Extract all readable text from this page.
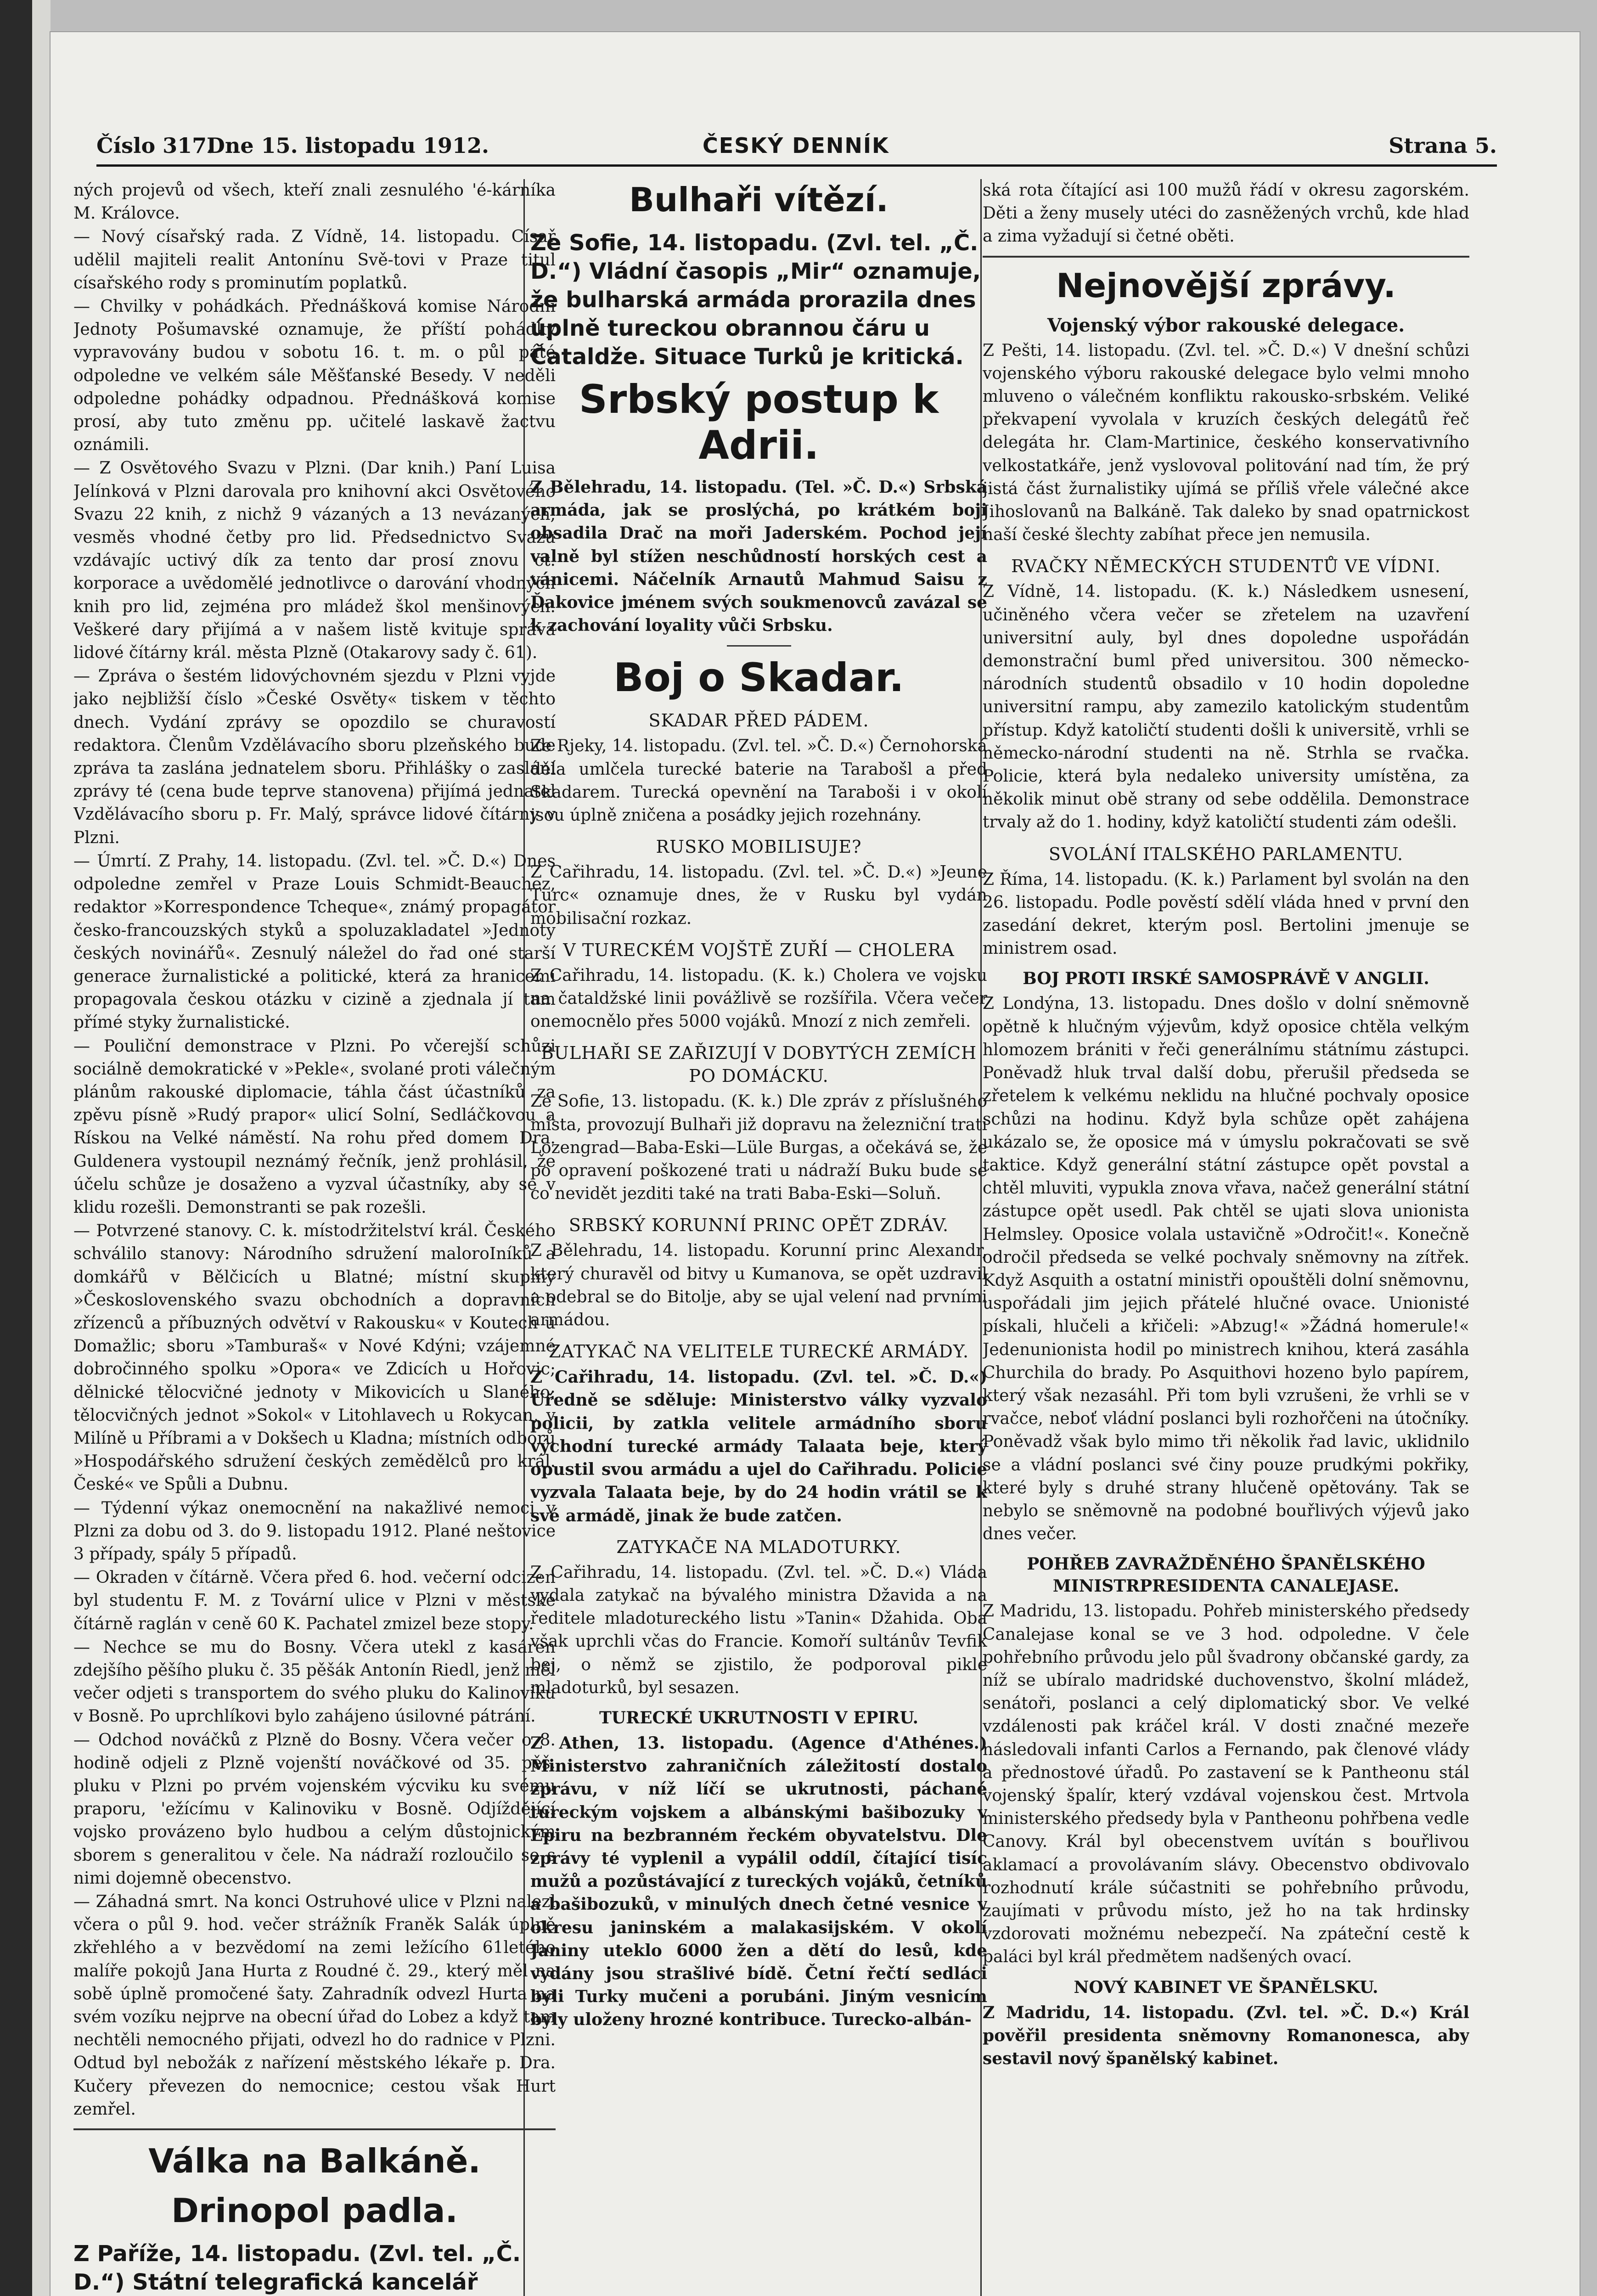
Číslo 317.
Dne 15. listopadu 1912.	ČESKÝ DENNÍK	Strana 5.

ných projevů od všech, kteří znali zesnulého 'é-kárníka M. Královce.

— Nový císařský rada. Z Vídně, 14. listopadu. Císař udělil majiteli realit Antonínu Svě-tovi v Praze titul císařského rody s prominutím poplatků.

— Chvilky v pohádkách. Přednášková komise Národní Jednoty Pošumavské oznamuje, že příští pohádky vypravovány budou v sobotu 16. t. m. o půl páté odpoledne ve velkém sále Měšťanské Besedy. V neděli odpoledne pohádky odpadnou. Přednášková komise prosí, aby tuto změnu pp. učitelé laskavě žactvu oznámili.

— Z Osvětového Svazu v Plzni. (Dar knih.) Paní Luisa Jelínková v Plzni darovala pro knihovní akci Osvětového Svazu 22 knih, z nichž 9 vázaných a 13 nevázaných, vesměs vhodné četby pro lid. Předsednictvo Svazu vzdávajíc uctivý dík za tento dar prosí znovu ct. korporace a uvědomělé jednotlivce o darování vhodných knih pro lid, zejména pro mládež škol menšinových. Veškeré dary přijímá a v našem listě kvituje správa lidové čítárny král. města Plzně (Otakarovy sady č. 61).

— Zpráva o šestém lidovýchovném sjezdu v Plzni vyjde jako nejbližší číslo »České Osvěty« tiskem v těchto dnech. Vydání zprávy se opozdilo se churavostí redaktora. Členům Vzdělávacího sboru plzeňského bude zpráva ta zaslána jednatelem sboru. Přihlášky o zaslání zprávy té (cena bude teprve stanovena) přijímá jednatel Vzdělávacího sboru p. Fr. Malý, správce lidové čítárny v Plzni.

— Úmrtí. Z Prahy, 14. listopadu. (Zvl. tel. »Č. D.«) Dnes odpoledne zemřel v Praze Louis Schmidt-Beauchez, redaktor »Korrespondence Tcheque«, známý propagátor česko-francouzských styků a spoluzakladatel »Jednoty českých novinářů«. Zesnulý náležel do řad oné starší generace žurnalistické a politické, která za hranicemi propagovala českou otázku v cizině a zjednala jí tam přímé styky žurnalistické.

— Pouliční demonstrace v Plzni. Po včerejší schůzi sociálně demokratické v »Pekle«, svolané proti válečným plánům rakouské diplomacie, táhla část účastníků za zpěvu písně »Rudý prapor« ulicí Solní, Sedláčkovou a Rískou na Velké náměstí. Na rohu před domem Dra. Guldenera vystoupil neznámý řečník, jenž prohlásil, že účelu schůze je dosaženo a vyzval účastníky, aby se v klidu rozešli. Demonstranti se pak rozešli.

— Potvrzené stanovy. C. k. místodržitelství král. Českého schválilo stanovy: Národního sdružení maloroIníků a domkářů v Bělčicích u Blatné; místní skupiny »Československého svazu obchodních a dopravních zřízenců a příbuzných odvětví v Rakousku« v Koutech u Domažlic; sboru »Tamburaš« v Nové Kdýni; vzájemné dobročinného spolku »Opora« ve Zdicích u Hořovic; dělnické tělocvičné jednoty v Mikovicích u Slaného; tělocvičných jednot »Sokol« v Litohlavech u Rokycan, v Milíně u Příbrami a v Dokšech u Kladna; místních odborů »Hospodářského sdružení českých zemědělců pro král. České« ve Spůli a Dubnu.

— Týdenní výkaz onemocnění na nakažlivé nemoci v Plzni za dobu od 3. do 9. listopadu 1912. Plané neštovice 3 případy, spály 5 případů.

— Okraden v čítárně. Včera před 6. hod. večerní odcizen byl studentu F. M. z Tovární ulice v Plzni v městské čítárně raglán v ceně 60 K. Pachatel zmizel beze stopy.

— Nechce se mu do Bosny. Včera utekl z kasáren zdejšího pěšího pluku č. 35 pěšák Antonín Riedl, jenž měl večer odjeti s transportem do svého pluku do Kalinoviku v Bosně. Po uprchlíkovi bylo zahájeno úsilovné pátrání.

— Odchod nováčků z Plzně do Bosny. Včera večer o 8. hodině odjeli z Plzně vojenští nováčkové od 35. pěš. pluku v Plzni po prvém vojenském výcviku ku svému praporu, 'ežícímu v Kalinoviku v Bosně. Odjíždějící vojsko provázeno bylo hudbou a celým důstojnickým sborem s generalitou v čele. Na nádraží rozloučilo se s nimi dojemně obecenstvo.

— Záhadná smrt. Na konci Ostruhové ulice v Plzni nalezl včera o půl 9. hod. večer strážník Franěk Salák úplně zkřehlého a v bezvědomí na zemi ležícího 61letého malíře pokojů Jana Hurta z Roudné č. 29., který měl na sobě úplně promočené šaty. Zahradník odvezl Hurta na svém vozíku nejprve na obecní úřad do Lobez a když tam nechtěli nemocného přijati, odvezl ho do radnice v Plzni. Odtud byl nebožák z nařízení městského lékaře p. Dra. Kučery převezen do nemocnice; cestou však Hurt zemřel.

Válka na Balkáně.
Drinopol padla.

Z Paříže, 14. listopadu. (Zvl. tel. „Č. D.“) Státní telegrafická kancelář

Bulhaři vítězí.

Ze Sofie, 14. listopadu. (Zvl. tel. „Č. D.“) Vládní časopis „Mir“ oznamuje, že bulharská armáda prorazila dnes úplně tureckou obrannou čáru u Čataldže. Situace Turků je kritická.

Srbský postup k Adrii.

Z Bělehradu, 14. listopadu. (Tel. »Č. D.«) Srbská armáda, jak se proslýchá, po krátkém boji obsadila Drač na moři Jaderském. Pochod její valně byl stížen neschůdností horských cest a vánicemi. Náčelník Arnautů Mahmud Saisu z Ďakovice jménem svých soukmenovců zavázal se k zachování loyality vůči Srbsku.

Boj o Skadar.
SKADAR PŘED PÁDEM.

Ze Rjeky, 14. listopadu. (Zvl. tel. »Č. D.«) Černohorská děla umlčela turecké baterie na Tarabošl a před Skadarem. Turecká opevnění na Taraboši i v okolí jsou úplně zničena a posádky jejich rozehnány.

RUSKO MOBILISUJE?

Z Cařihradu, 14. listopadu. (Zvl. tel. »Č. D.«) »Jeune Turc« oznamuje dnes, že v Rusku byl vydán mobilisační rozkaz.

V TURECKÉM VOJŠTĚ ZUŘÍ — CHOLERA

Z Cařihradu, 14. listopadu. (K. k.) Cholera ve vojsku na čataldžské linii povážlivě se rozšířila. Včera večer onemocnělo přes 5000 vojáků. Mnozí z nich zemřeli.

BULHAŘI SE ZAŘIZUJÍ V DOBYTÝCH ZEMÍCH PO DOMÁCKU.

Ze Sofie, 13. listopadu. (K. k.) Dle zpráv z příslušného místa, provozují Bulhaři již dopravu na železniční trati Lozengrad—Baba-Eski—Lüle Burgas, a očekává se, že po opravení poškozené trati u nádraží Buku bude se co nevidět jezditi také na trati Baba-Eski—Soluň.

SRBSKÝ KORUNNÍ PRINC OPĚT ZDRÁV.

Z Bělehradu, 14. listopadu. Korunní princ Alexandr, který churavěl od bitvy u Kumanova, se opět uzdravil a odebral se do Bitolje, aby se ujal velení nad prvními armádou.

ZATYKAČ NA VELITELE TURECKÉ ARMÁDY.

Z Cařihradu, 14. listopadu. (Zvl. tel. »Č. D.«) Úředně se sděluje: Ministerstvo války vyzvalo policii, by zatkla velitele armádního sboru východní turecké armády Talaata beje, který opustil svou armádu a ujel do Cařihradu. Policie vyzvala Talaata beje, by do 24 hodin vrátil se k své armádě, jinak že bude zatčen.

ZATYKAČE NA MLADOTURKY.

Z Cařihradu, 14. listopadu. (Zvl. tel. »Č. D.«) Vláda vydala zatykač na bývalého ministra Džavida a na ředitele mladotureckého listu »Tanin« Džahida. Oba však uprchli včas do Francie. Komoří sultánův Tevfik bej, o němž se zjistilo, že podporoval pikle mladoturků, byl sesazen.

TURECKÉ UKRUTNOSTI V EPIRU.

Z Athen, 13. listopadu. (Agence d'Athénes.) Ministerstvo zahraničních záležitostí dostalo zprávu, v níž líčí se ukrutnosti, páchané tureckým vojskem a albánskými bašibozuky v Epiru na bezbranném řeckém obyvatelstvu. Dle zprávy té vyplenil a vypálil oddíl, čítající tisíc mužů a pozůstávající z tureckých vojáků, četníků a bašibozuků, v minulých dnech četné vesnice v okresu janinském a malakasijském. V okolí Janiny uteklo 6000 žen a dětí do lesů, kde vydány jsou strašlivé bídě. Četní řečtí sedláci byli Turky mučeni a porubáni. Jiným vesnicím byly uloženy hrozné kontribuce. Turecko-albán-

ská rota čítající asi 100 mužů řádí v okresu zagorském. Děti a ženy musely utéci do zasněžených vrchů, kde hlad a zima vyžadují si četné oběti.

Nejnovější zprávy.
Vojenský výbor rakouské delegace.

Z Pešti, 14. listopadu. (Zvl. tel. »Č. D.«) V dnešní schůzi vojenského výboru rakouské delegace bylo velmi mnoho mluveno o válečném konfliktu rakousko-srbském. Veliké překvapení vyvolala v kruzích českých delegátů řeč delegáta hr. Clam-Martinice, českého konservativního velkostatkáře, jenž vyslovoval politování nad tím, že prý jistá část žurnalistiky ujímá se příliš vřele válečné akce Jihoslovanů na Balkáně. Tak daleko by snad opatrnickost naší české šlechty zabíhat přece jen nemusila.

RVAČKY NĚMECKÝCH STUDENTŮ VE VÍDNI.

Z Vídně, 14. listopadu. (K. k.) Následkem usnesení, učiněného včera večer se zřetelem na uzavření universitní auly, byl dnes dopoledne uspořádán demonstrační buml před universitou. 300 německo-národních studentů obsadilo v 10 hodin dopoledne universitní rampu, aby zamezilo katolickým studentům přístup. Když katoličtí studenti došli k universitě, vrhli se německo-národní studenti na ně. Strhla se rvačka. Policie, která byla nedaleko university umístěna, za několik minut obě strany od sebe oddělila. Demonstrace trvaly až do 1. hodiny, když katoličtí studenti zám odešli.

SVOLÁNÍ ITALSKÉHO PARLAMENTU.

Z Říma, 14. listopadu. (K. k.) Parlament byl svolán na den 26. listopadu. Podle pověstí sdělí vláda hned v první den zasedání dekret, kterým posl. Bertolini jmenuje se ministrem osad.

BOJ PROTI IRSKÉ SAMOSPRÁVĚ V ANGLII.

Z Londýna, 13. listopadu. Dnes došlo v dolní sněmovně opětně k hlučným výjevům, když oposice chtěla velkým hlomozem brániti v řeči generálnímu státnímu zástupci. Poněvadž hluk trval další dobu, přerušil předseda se zřetelem k velkému neklidu na hlučné pochvaly oposice schůzi na hodinu. Když byla schůze opět zahájena ukázalo se, že oposice má v úmyslu pokračovati se svě taktice. Když generální státní zástupce opět povstal a chtěl mluviti, vypukla znova vřava, načež generální státní zástupce opět usedl. Pak chtěl se ujati slova unionista Helmsley. Oposice volala ustavičně »Odročit!«. Konečně odročil předseda se velké pochvaly sněmovny na zítřek. Když Asquith a ostatní ministři opouštěli dolní sněmovnu, uspořádali jim jejich přátelé hlučné ovace. Unionisté pískali, hlučeli a křičeli: »Abzug!« »Žádná homerule!« Jedenunionista hodil po ministrech knihou, která zasáhla Churchila do brady. Po Asquithovi hozeno bylo papírem, který však nezasáhl. Při tom byli vzrušeni, že vrhli se v rvačce, neboť vládní poslanci byli rozhořčeni na útočníky. Poněvadž však bylo mimo tři několik řad lavic, uklidnilo se a vládní poslanci své činy pouze prudkými pokřiky, které byly s druhé strany hlučeně opětovány. Tak se nebylo se sněmovně na podobné bouřlivých výjevů jako dnes večer.

POHŘEB ZAVRAŽDĚNÉHO ŠPANĚLSKÉHO MINISTRPRESIDENTA CANALEJASE.

Z Madridu, 13. listopadu. Pohřeb ministerského předsedy Canalejase konal se ve 3 hod. odpoledne. V čele pohřebního průvodu jelo půl švadrony občanské gardy, za níž se ubíralo madridské duchovenstvo, školní mládež, senátoři, poslanci a celý diplomatický sbor. Ve velké vzdálenosti pak kráčel král. V dosti značné mezeře následovali infanti Carlos a Fernando, pak členové vlády a přednostové úřadů. Po zastavení se k Pantheonu stál vojenský špalír, který vzdával vojenskou čest. Mrtvola ministerského předsedy byla v Pantheonu pohřbena vedle Canovy. Král byl obecenstvem uvítán s bouřlivou aklamací a provolávaním slávy. Obecenstvo obdivovalo rozhodnutí krále súčastniti se pohřebního průvodu, zaujímati v průvodu místo, jež ho na tak hrdinsky vzdorovati možnému nebezpečí. Na zpáteční cestě k paláci byl král předmětem nadšených ovací.

NOVÝ KABINET VE ŠPANĚLSKU.

Z Madridu, 14. listopadu. (Zvl. tel. »Č. D.«) Král pověřil presidenta sněmovny Romanonesca, aby sestavil nový španělský kabinet.
